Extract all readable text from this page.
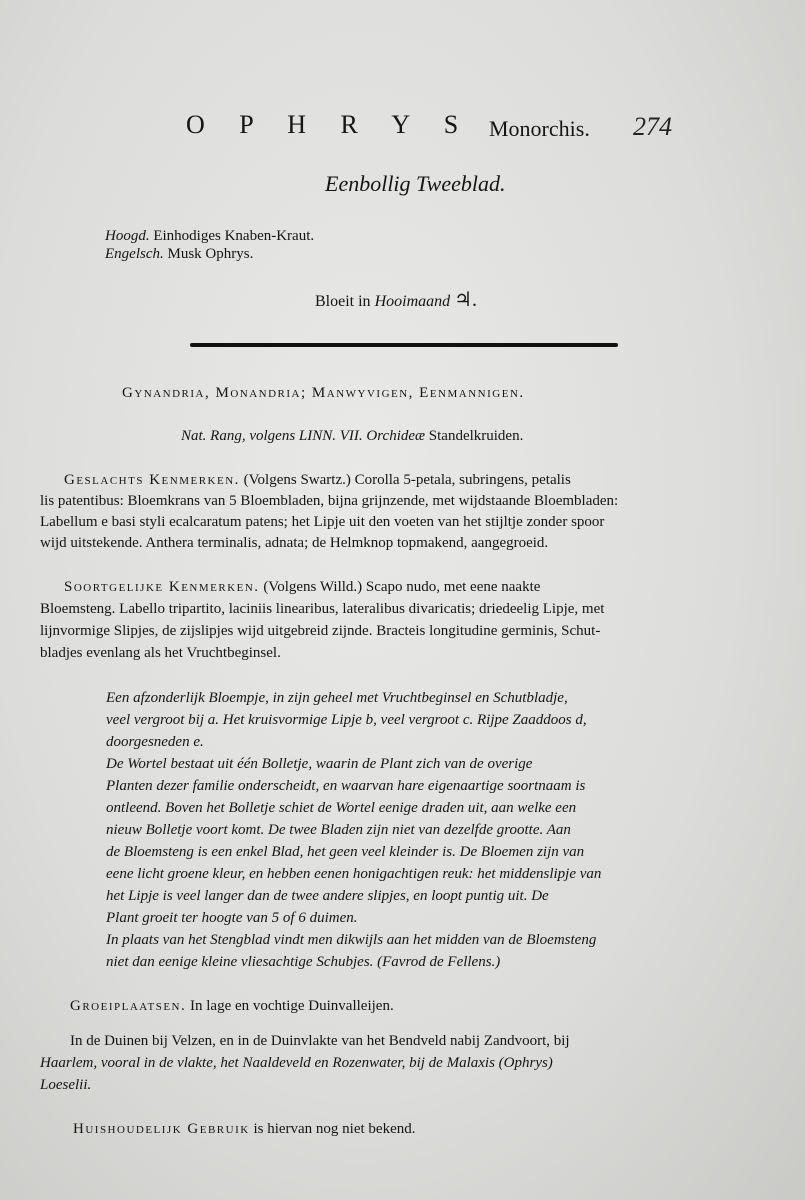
O P H R Y S Monorchis. 274
Eenbollig Tweeblad.
Hoogd. Einhodiges Knaben-Kraut.
Engelsch. Musk Ophrys.
Bloeit in Hooimaand ♃.
Gynandria, Monandria; Manwyvigen, Eenmannigen.
Nat. Rang, volgens LINN. VII. Orchideæ Standelkruiden.
Geslachts Kenmerken. (Volgens Swartz.) Corolla 5-petala, subringens, petalis
lis patentibus: Bloemkrans van 5 Bloembladen, bijna grijnzende, met wijdstaande Bloembladen:
Labellum e basi styli ecalcaratum patens; het Lipje uit den voeten van het stijltje zonder spoor
wijd uitstekende. Anthera terminalis, adnata; de Helmknop topmakend, aangegroeid.
Soortgelijke Kenmerken. (Volgens Willd.) Scapo nudo, met eene naakte
Bloemsteng. Labello tripartito, laciniis linearibus, lateralibus divaricatis; driedeelig Lipje, met
lijnvormige Slipjes, de zijslipjes wijd uitgebreid zijnde. Bracteis longitudine germinis, Schut-
bladjes evenlang als het Vruchtbeginsel.
Een afzonderlijk Bloempje, in zijn geheel met Vruchtbeginsel en Schutbladje,
veel vergroot bij a. Het kruisvormige Lipje b, veel vergroot c. Rijpe Zaaddoos d,
doorgesneden e.
De Wortel bestaat uit één Bolletje, waarin de Plant zich van de overige
Planten dezer familie onderscheidt, en waarvan hare eigenaartige soortnaam is
ontleend. Boven het Bolletje schiet de Wortel eenige draden uit, aan welke een
nieuw Bolletje voort komt. De twee Bladen zijn niet van dezelfde grootte. Aan
de Bloemsteng is een enkel Blad, het geen veel kleinder is. De Bloemen zijn van
eene licht groene kleur, en hebben eenen honigachtigen reuk: het middenslipje van
het Lipje is veel langer dan de twee andere slipjes, en loopt puntig uit. De
Plant groeit ter hoogte van 5 of 6 duimen.
In plaats van het Stengblad vindt men dikwijls aan het midden van de Bloemsteng
niet dan eenige kleine vliesachtige Schubjes. (Favrod de Fellens.)
Groeiplaatsen. In lage en vochtige Duinvalleijen.
In de Duinen bij Velzen, en in de Duinvlakte van het Bendveld nabij Zandvoort, bij
Haarlem, vooral in de vlakte, het Naaldeveld en Rozenwater, bij de Malaxis (Ophrys)
Loeselii.
Huishoudelijk Gebruik is hiervan nog niet bekend.
